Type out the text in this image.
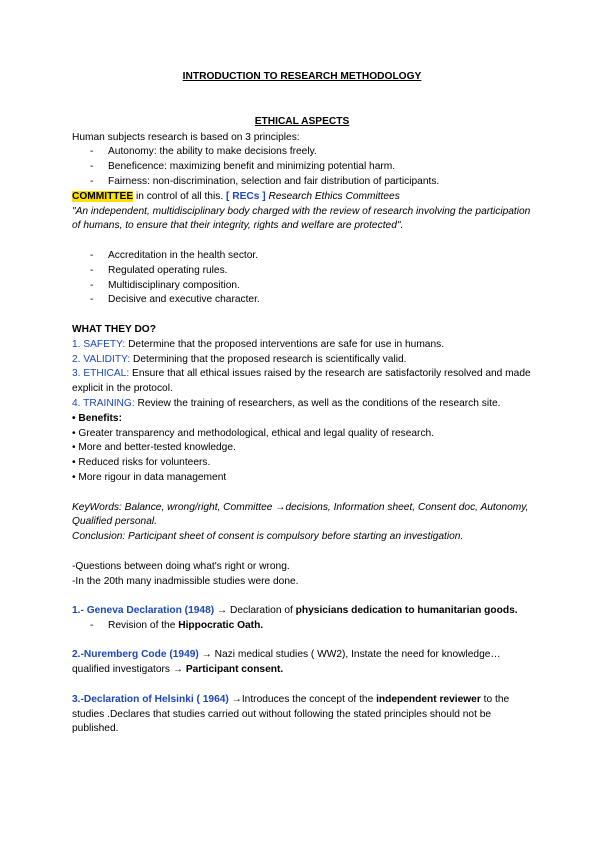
INTRODUCTION TO RESEARCH METHODOLOGY
ETHICAL ASPECTS
Human subjects research is based on 3 principles:
- Autonomy: the ability to make decisions freely.
- Beneficence: maximizing benefit and minimizing potential harm.
- Fairness: non-discrimination, selection and fair distribution of participants.
COMMITTEE in control of all this. [ RECs ] Research Ethics Committees
"An independent, multidisciplinary body charged with the review of research involving the participation of humans, to ensure that their integrity, rights and welfare are protected".
- Accreditation in the health sector.
- Regulated operating rules.
- Multidisciplinary composition.
- Decisive and executive character.
WHAT THEY DO?
1. SAFETY: Determine that the proposed interventions are safe for use in humans.
2. VALIDITY: Determining that the proposed research is scientifically valid.
3. ETHICAL: Ensure that all ethical issues raised by the research are satisfactorily resolved and made explicit in the protocol.
4. TRAINING: Review the training of researchers, as well as the conditions of the research site.
• Benefits:
• Greater transparency and methodological, ethical and legal quality of research.
• More and better-tested knowledge.
• Reduced risks for volunteers.
• More rigour in data management
KeyWords: Balance, wrong/right, Committee →decisions, Information sheet, Consent doc, Autonomy, Qualified personal.
Conclusion: Participant sheet of consent is compulsory before starting an investigation.
-Questions between doing what's right or wrong.
-In the 20th many inadmissible studies were done.
1.- Geneva Declaration (1948) → Declaration of physicians dedication to humanitarian goods.
- Revision of the Hippocratic Oath.
2.-Nuremberg Code (1949) → Nazi medical studies ( WW2), Instate the need for knowledge…qualified investigators → Participant consent.
3.-Declaration of Helsinki ( 1964) →Introduces the concept of the independent reviewer to the studies .Declares that studies carried out without following the stated principles should not be published.
